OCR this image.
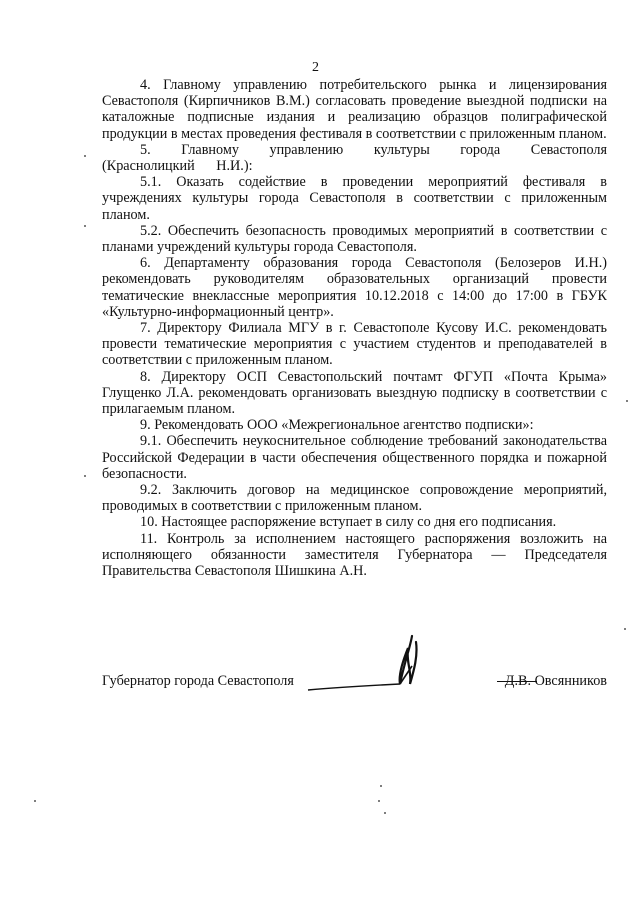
2

4. Главному управлению потребительского рынка и лицензирования Севастополя (Кирпичников В.М.) согласовать проведение выездной подписки на каталожные подписные издания и реализацию образцов полиграфической продукции в местах проведения фестиваля в соответствии с приложенным планом.

5. Главному управлению культуры города Севастополя (Краснолицкий Н.И.):

5.1. Оказать содействие в проведении мероприятий фестиваля в учреждениях культуры города Севастополя в соответствии с приложенным планом.

5.2. Обеспечить безопасность проводимых мероприятий в соответствии с планами учреждений культуры города Севастополя.

6. Департаменту образования города Севастополя (Белозеров И.Н.) рекомендовать руководителям образовательных организаций провести тематические внеклассные мероприятия 10.12.2018 с 14:00 до 17:00 в ГБУК «Культурно-информационный центр».

7. Директору Филиала МГУ в г. Севастополе Кусову И.С. рекомендовать провести тематические мероприятия с участием студентов и преподавателей в соответствии с приложенным планом.

8. Директору ОСП Севастопольский почтамт ФГУП «Почта Крыма» Глущенко Л.А. рекомендовать организовать выездную подписку в соответствии с прилагаемым планом.

9. Рекомендовать ООО «Межрегиональное агентство подписки»:

9.1. Обеспечить неукоснительное соблюдение требований законодательства Российской Федерации в части обеспечения общественного порядка и пожарной безопасности.

9.2. Заключить договор на медицинское сопровождение мероприятий, проводимых в соответствии с приложенным планом.

10. Настоящее распоряжение вступает в силу со дня его подписания.

11. Контроль за исполнением настоящего распоряжения возложить на исполняющего обязанности заместителя Губернатора — Председателя Правительства Севастополя Шишкина А.Н.

Губернатор города Севастополя	Д.В. Овсянников
